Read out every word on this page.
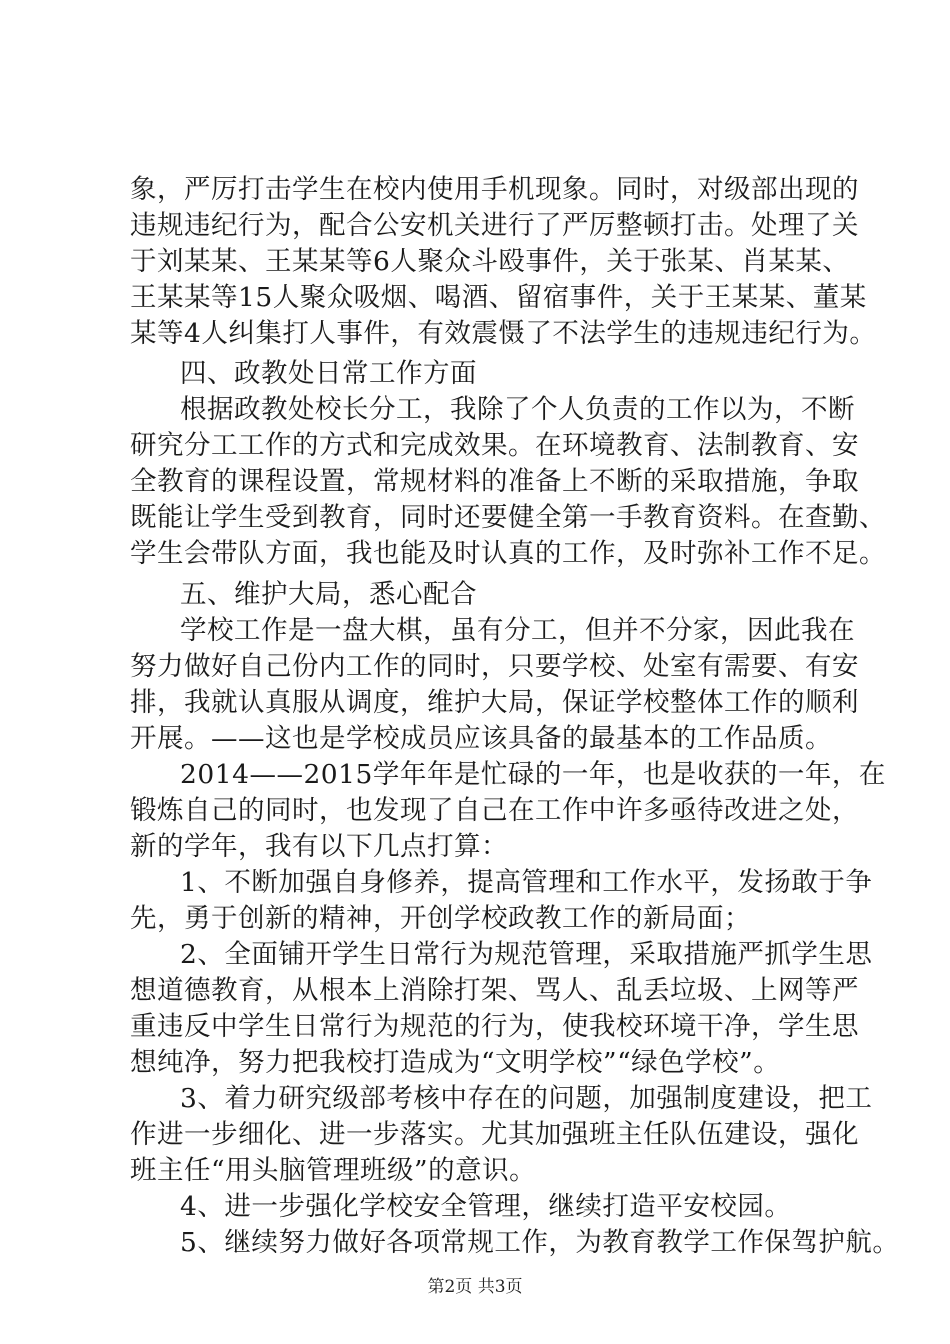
象，严厉打击学生在校内使用手机现象。同时，对级部出现的
违规违纪行为，配合公安机关进行了严厉整顿打击。处理了关
于刘某某、王某某等6人聚众斗殴事件，关于张某、肖某某、
王某某等15人聚众吸烟、喝酒、留宿事件，关于王某某、董某
某等4人纠集打人事件，有效震慑了不法学生的违规违纪行为。
四、政教处日常工作方面
根据政教处校长分工，我除了个人负责的工作以为，不断
研究分工工作的方式和完成效果。在环境教育、法制教育、安
全教育的课程设置，常规材料的准备上不断的采取措施，争取
既能让学生受到教育，同时还要健全第一手教育资料。在查勤、
学生会带队方面，我也能及时认真的工作，及时弥补工作不足。
五、维护大局，悉心配合
学校工作是一盘大棋，虽有分工，但并不分家，因此我在
努力做好自己份内工作的同时，只要学校、处室有需要、有安
排，我就认真服从调度，维护大局，保证学校整体工作的顺利
开展。——这也是学校成员应该具备的最基本的工作品质。
2014——2015学年年是忙碌的一年，也是收获的一年，在
锻炼自己的同时，也发现了自己在工作中许多亟待改进之处，
新的学年，我有以下几点打算：
1、不断加强自身修养，提高管理和工作水平，发扬敢于争
先，勇于创新的精神，开创学校政教工作的新局面；
2、全面铺开学生日常行为规范管理，采取措施严抓学生思
想道德教育，从根本上消除打架、骂人、乱丢垃圾、上网等严
重违反中学生日常行为规范的行为，使我校环境干净，学生思
想纯净，努力把我校打造成为“文明学校”“绿色学校”。
3、着力研究级部考核中存在的问题，加强制度建设，把工
作进一步细化、进一步落实。尤其加强班主任队伍建设，强化
班主任“用头脑管理班级”的意识。
4、进一步强化学校安全管理，继续打造平安校园。
5、继续努力做好各项常规工作，为教育教学工作保驾护航。
第2页 共3页
